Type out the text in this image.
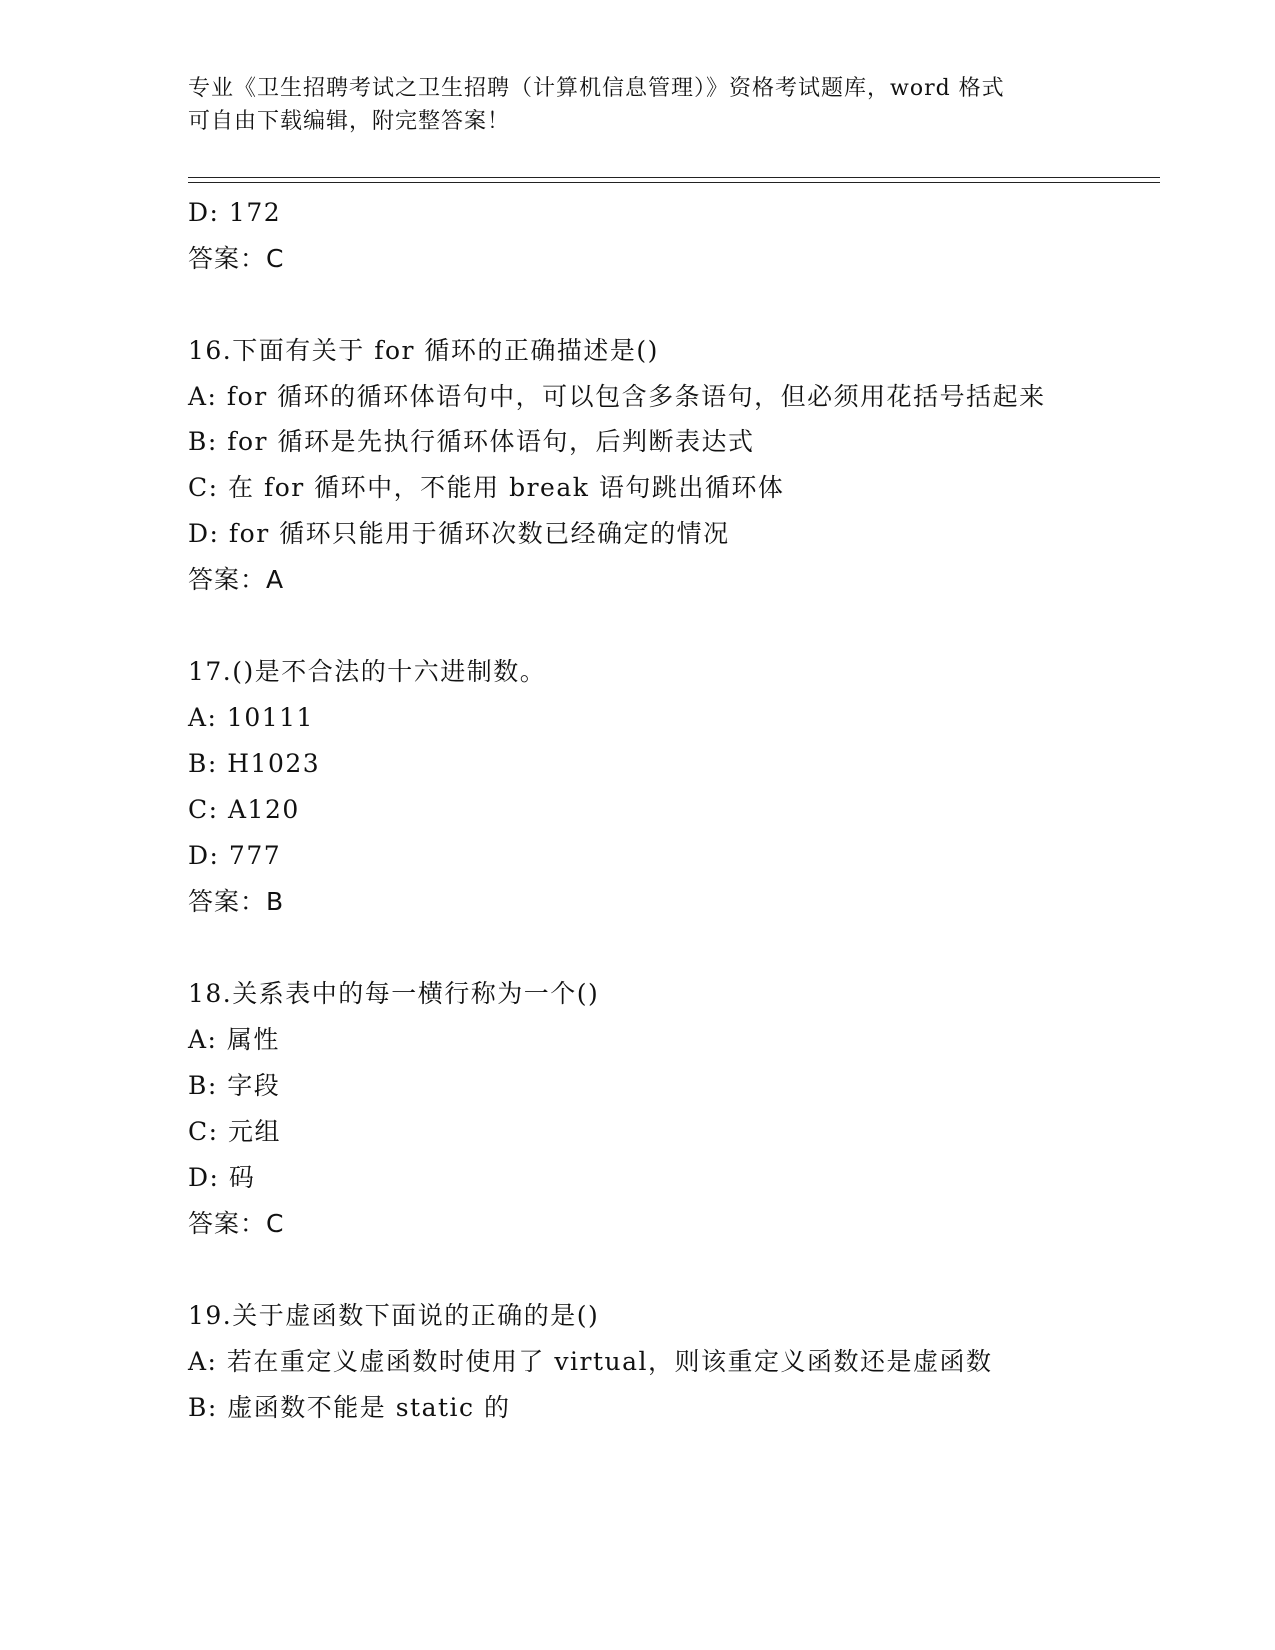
专业《卫生招聘考试之卫生招聘（计算机信息管理）》资格考试题库，word 格式
可自由下载编辑，附完整答案！
D: 172
答案：C
16.下面有关于 for 循环的正确描述是()
A: for 循环的循环体语句中，可以包含多条语句，但必须用花括号括起来
B: for 循环是先执行循环体语句，后判断表达式
C: 在 for 循环中，不能用 break 语句跳出循环体
D: for 循环只能用于循环次数已经确定的情况
答案：A
17.()是不合法的十六进制数。
A: 10111
B: H1023
C: A120
D: 777
答案：B
18.关系表中的每一横行称为一个()
A: 属性
B: 字段
C: 元组
D: 码
答案：C
19.关于虚函数下面说的正确的是()
A: 若在重定义虚函数时使用了 virtual，则该重定义函数还是虚函数
B: 虚函数不能是 static 的
